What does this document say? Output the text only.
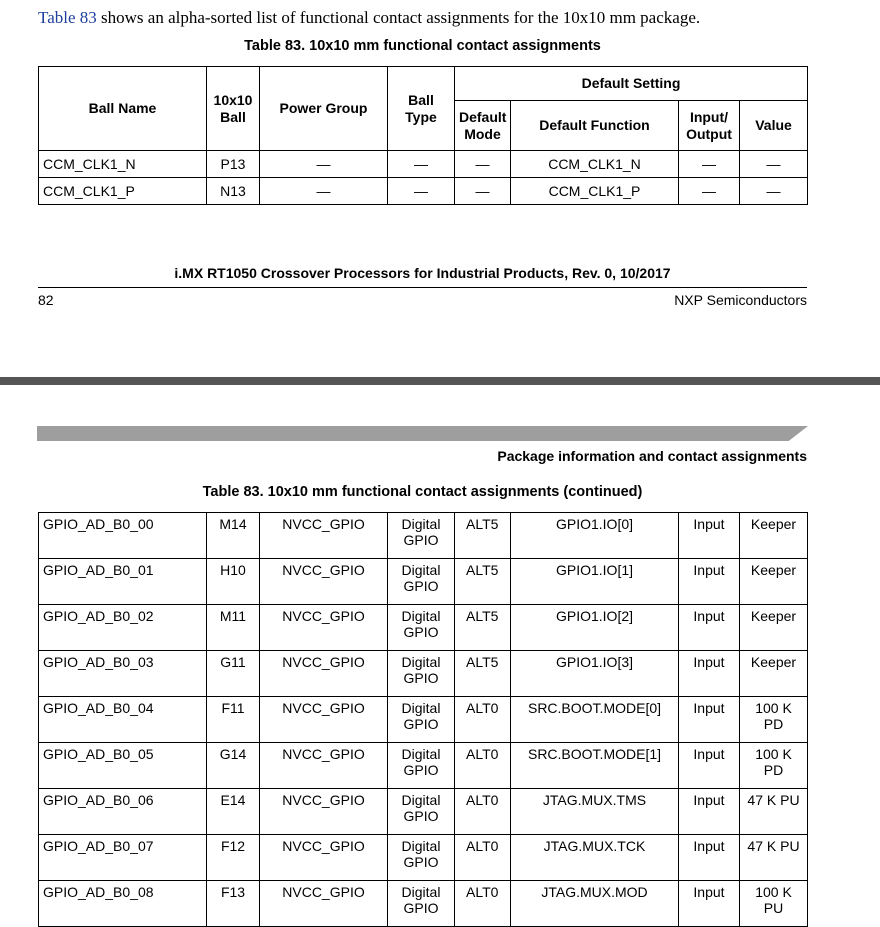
Table 83 shows an alpha-sorted list of functional contact assignments for the 10x10 mm package.
Table 83. 10x10 mm functional contact assignments
Ball Name	10x10 Ball	Power Group	Ball Type	Default Setting			
				Default Mode	Default Function	Input/ Output	Value
CCM_CLK1_N	P13	—	—	—	CCM_CLK1_N	—	—
CCM_CLK1_P	N13	—	—	—	CCM_CLK1_P	—	—
i.MX RT1050 Crossover Processors for Industrial Products, Rev. 0, 10/2017
82	NXP Semiconductors
Package information and contact assignments
Table 83. 10x10 mm functional contact assignments (continued)
GPIO_AD_B0_00	M14	NVCC_GPIO	Digital GPIO	ALT5	GPIO1.IO[0]	Input	Keeper
GPIO_AD_B0_01	H10	NVCC_GPIO	Digital GPIO	ALT5	GPIO1.IO[1]	Input	Keeper
GPIO_AD_B0_02	M11	NVCC_GPIO	Digital GPIO	ALT5	GPIO1.IO[2]	Input	Keeper
GPIO_AD_B0_03	G11	NVCC_GPIO	Digital GPIO	ALT5	GPIO1.IO[3]	Input	Keeper
GPIO_AD_B0_04	F11	NVCC_GPIO	Digital GPIO	ALT0	SRC.BOOT.MODE[0]	Input	100 K PD
GPIO_AD_B0_05	G14	NVCC_GPIO	Digital GPIO	ALT0	SRC.BOOT.MODE[1]	Input	100 K PD
GPIO_AD_B0_06	E14	NVCC_GPIO	Digital GPIO	ALT0	JTAG.MUX.TMS	Input	47 K PU
GPIO_AD_B0_07	F12	NVCC_GPIO	Digital GPIO	ALT0	JTAG.MUX.TCK	Input	47 K PU
GPIO_AD_B0_08	F13	NVCC_GPIO	Digital GPIO	ALT0	JTAG.MUX.MOD	Input	100 K PU
